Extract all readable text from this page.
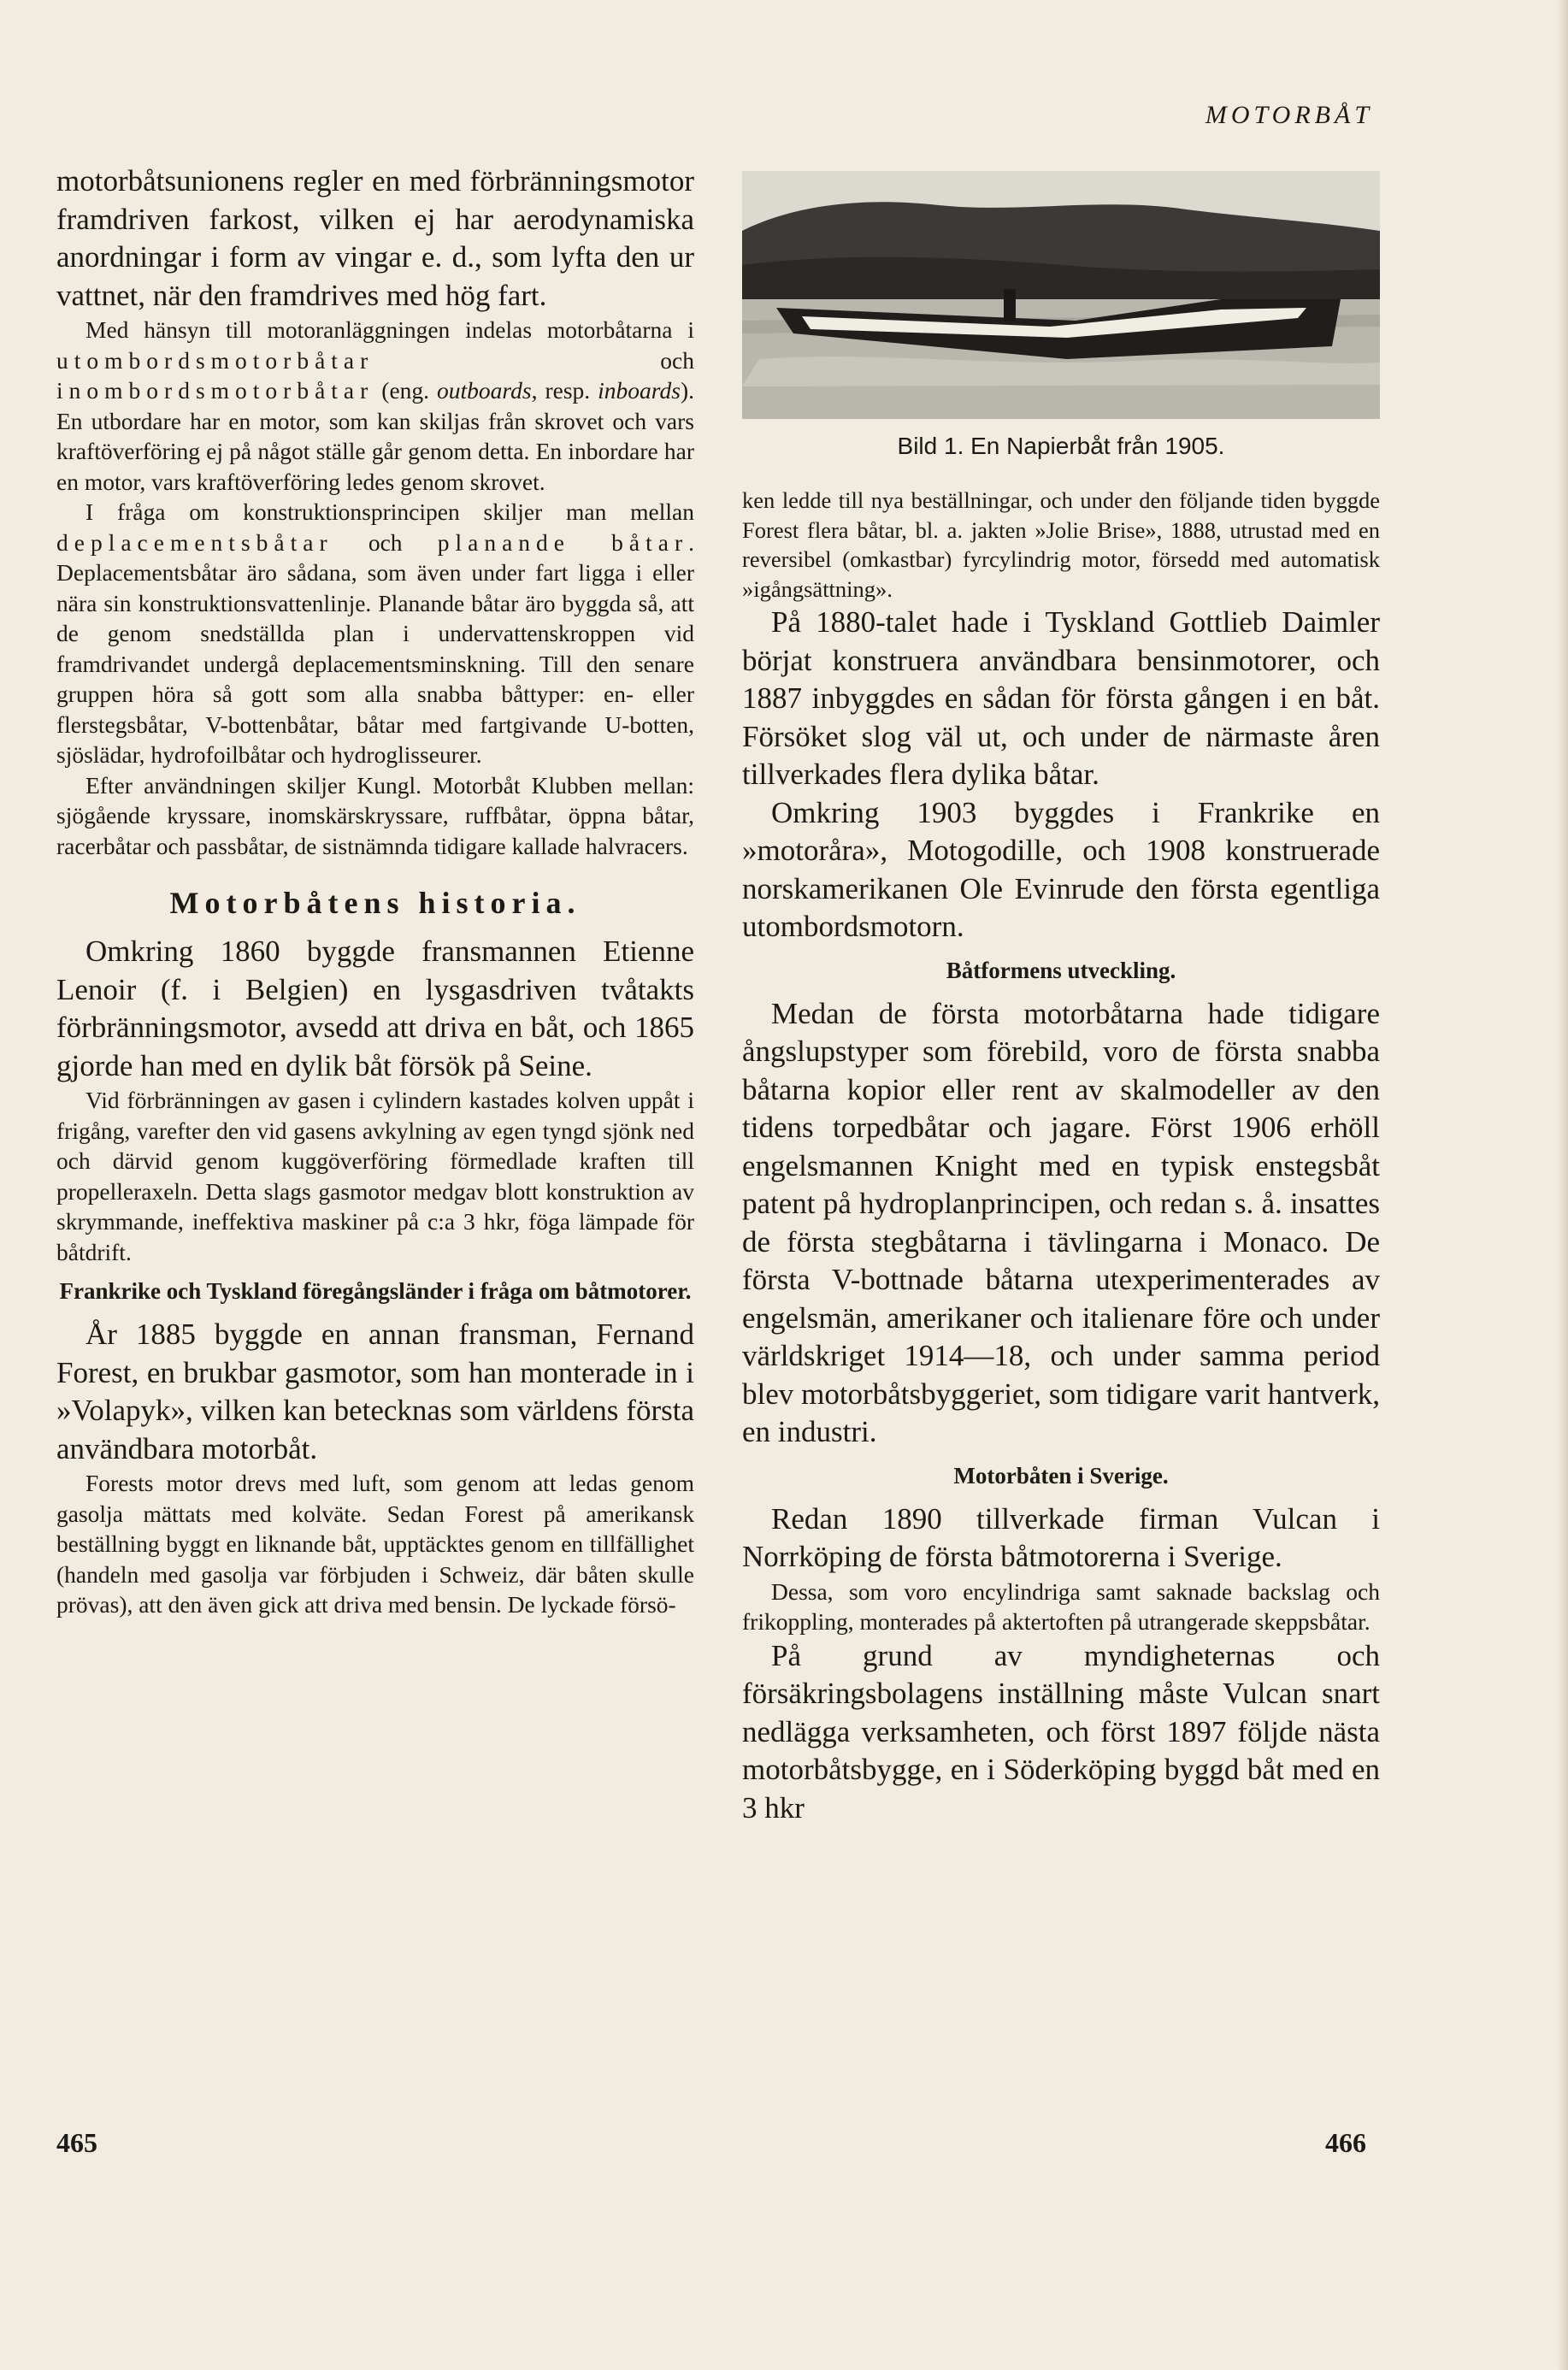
MOTORBÅT

motorbåtsunionens regler en med förbränningsmotor framdriven farkost, vilken ej har aerodynamiska anordningar i form av vingar e. d., som lyfta den ur vattnet, när den framdrives med hög fart.

Med hänsyn till motoranläggningen indelas motorbåtarna i utombordsmotorbåtar och inombordsmotorbåtar (eng. outboards, resp. inboards). En utbordare har en motor, som kan skiljas från skrovet och vars kraftöverföring ej på något ställe går genom detta. En inbordare har en motor, vars kraftöverföring ledes genom skrovet.

I fråga om konstruktionsprincipen skiljer man mellan deplacementsbåtar och planande båtar. Deplacementsbåtar äro sådana, som även under fart ligga i eller nära sin konstruktionsvattenlinje. Planande båtar äro byggda så, att de genom snedställda plan i undervattenskroppen vid framdrivandet undergå deplacementsminskning. Till den senare gruppen höra så gott som alla snabba båttyper: en- eller flerstegsbåtar, V-bottenbåtar, båtar med fartgivande U-botten, sjöslädar, hydrofoilbåtar och hydroglisseurer.

Efter användningen skiljer Kungl. Motorbåt Klubben mellan: sjögående kryssare, inomskärskryssare, ruffbåtar, öppna båtar, racerbåtar och passbåtar, de sistnämnda tidigare kallade halvracers.

Motorbåtens historia.

Omkring 1860 byggde fransmannen Etienne Lenoir (f. i Belgien) en lysgasdriven tvåtakts förbränningsmotor, avsedd att driva en båt, och 1865 gjorde han med en dylik båt försök på Seine.

Vid förbränningen av gasen i cylindern kastades kolven uppåt i frigång, varefter den vid gasens avkylning av egen tyngd sjönk ned och därvid genom kuggöverföring förmedlade kraften till propelleraxeln. Detta slags gasmotor medgav blott konstruktion av skrymmande, ineffektiva maskiner på c:a 3 hkr, föga lämpade för båtdrift.

Frankrike och Tyskland föregångsländer i fråga om båtmotorer.

År 1885 byggde en annan fransman, Fernand Forest, en brukbar gasmotor, som han monterade in i »Volapyk», vilken kan betecknas som världens första användbara motorbåt.

Forests motor drevs med luft, som genom att ledas genom gasolja mättats med kolväte. Sedan Forest på amerikansk beställning byggt en liknande båt, upptäcktes genom en tillfällighet (handeln med gasolja var förbjuden i Schweiz, där båten skulle prövas), att den även gick att driva med bensin. De lyckade försö-

Bild 1. En Napierbåt från 1905.

ken ledde till nya beställningar, och under den följande tiden byggde Forest flera båtar, bl. a. jakten »Jolie Brise», 1888, utrustad med en reversibel (omkastbar) fyrcylindrig motor, försedd med automatisk »igångsättning».

På 1880-talet hade i Tyskland Gottlieb Daimler börjat konstruera användbara bensinmotorer, och 1887 inbyggdes en sådan för första gången i en båt. Försöket slog väl ut, och under de närmaste åren tillverkades flera dylika båtar.

Omkring 1903 byggdes i Frankrike en »motoråra», Motogodille, och 1908 konstruerade norskamerikanen Ole Evinrude den första egentliga utombordsmotorn.

Båtformens utveckling.

Medan de första motorbåtarna hade tidigare ångslupstyper som förebild, voro de första snabba båtarna kopior eller rent av skalmodeller av den tidens torpedbåtar och jagare. Först 1906 erhöll engelsmannen Knight med en typisk enstegsbåt patent på hydroplanprincipen, och redan s. å. insattes de första stegbåtarna i tävlingarna i Monaco. De första V-bottnade båtarna utexperimenterades av engelsmän, amerikaner och italienare före och under världskriget 1914—18, och under samma period blev motorbåtsbyggeriet, som tidigare varit hantverk, en industri.

Motorbåten i Sverige.

Redan 1890 tillverkade firman Vulcan i Norrköping de första båtmotorerna i Sverige.

Dessa, som voro encylindriga samt saknade backslag och frikoppling, monterades på aktertoften på utrangerade skeppsbåtar.

På grund av myndigheternas och försäkringsbolagens inställning måste Vulcan snart nedlägga verksamheten, och först 1897 följde nästa motorbåtsbygge, en i Söderköping byggd båt med en 3 hkr

465	466
